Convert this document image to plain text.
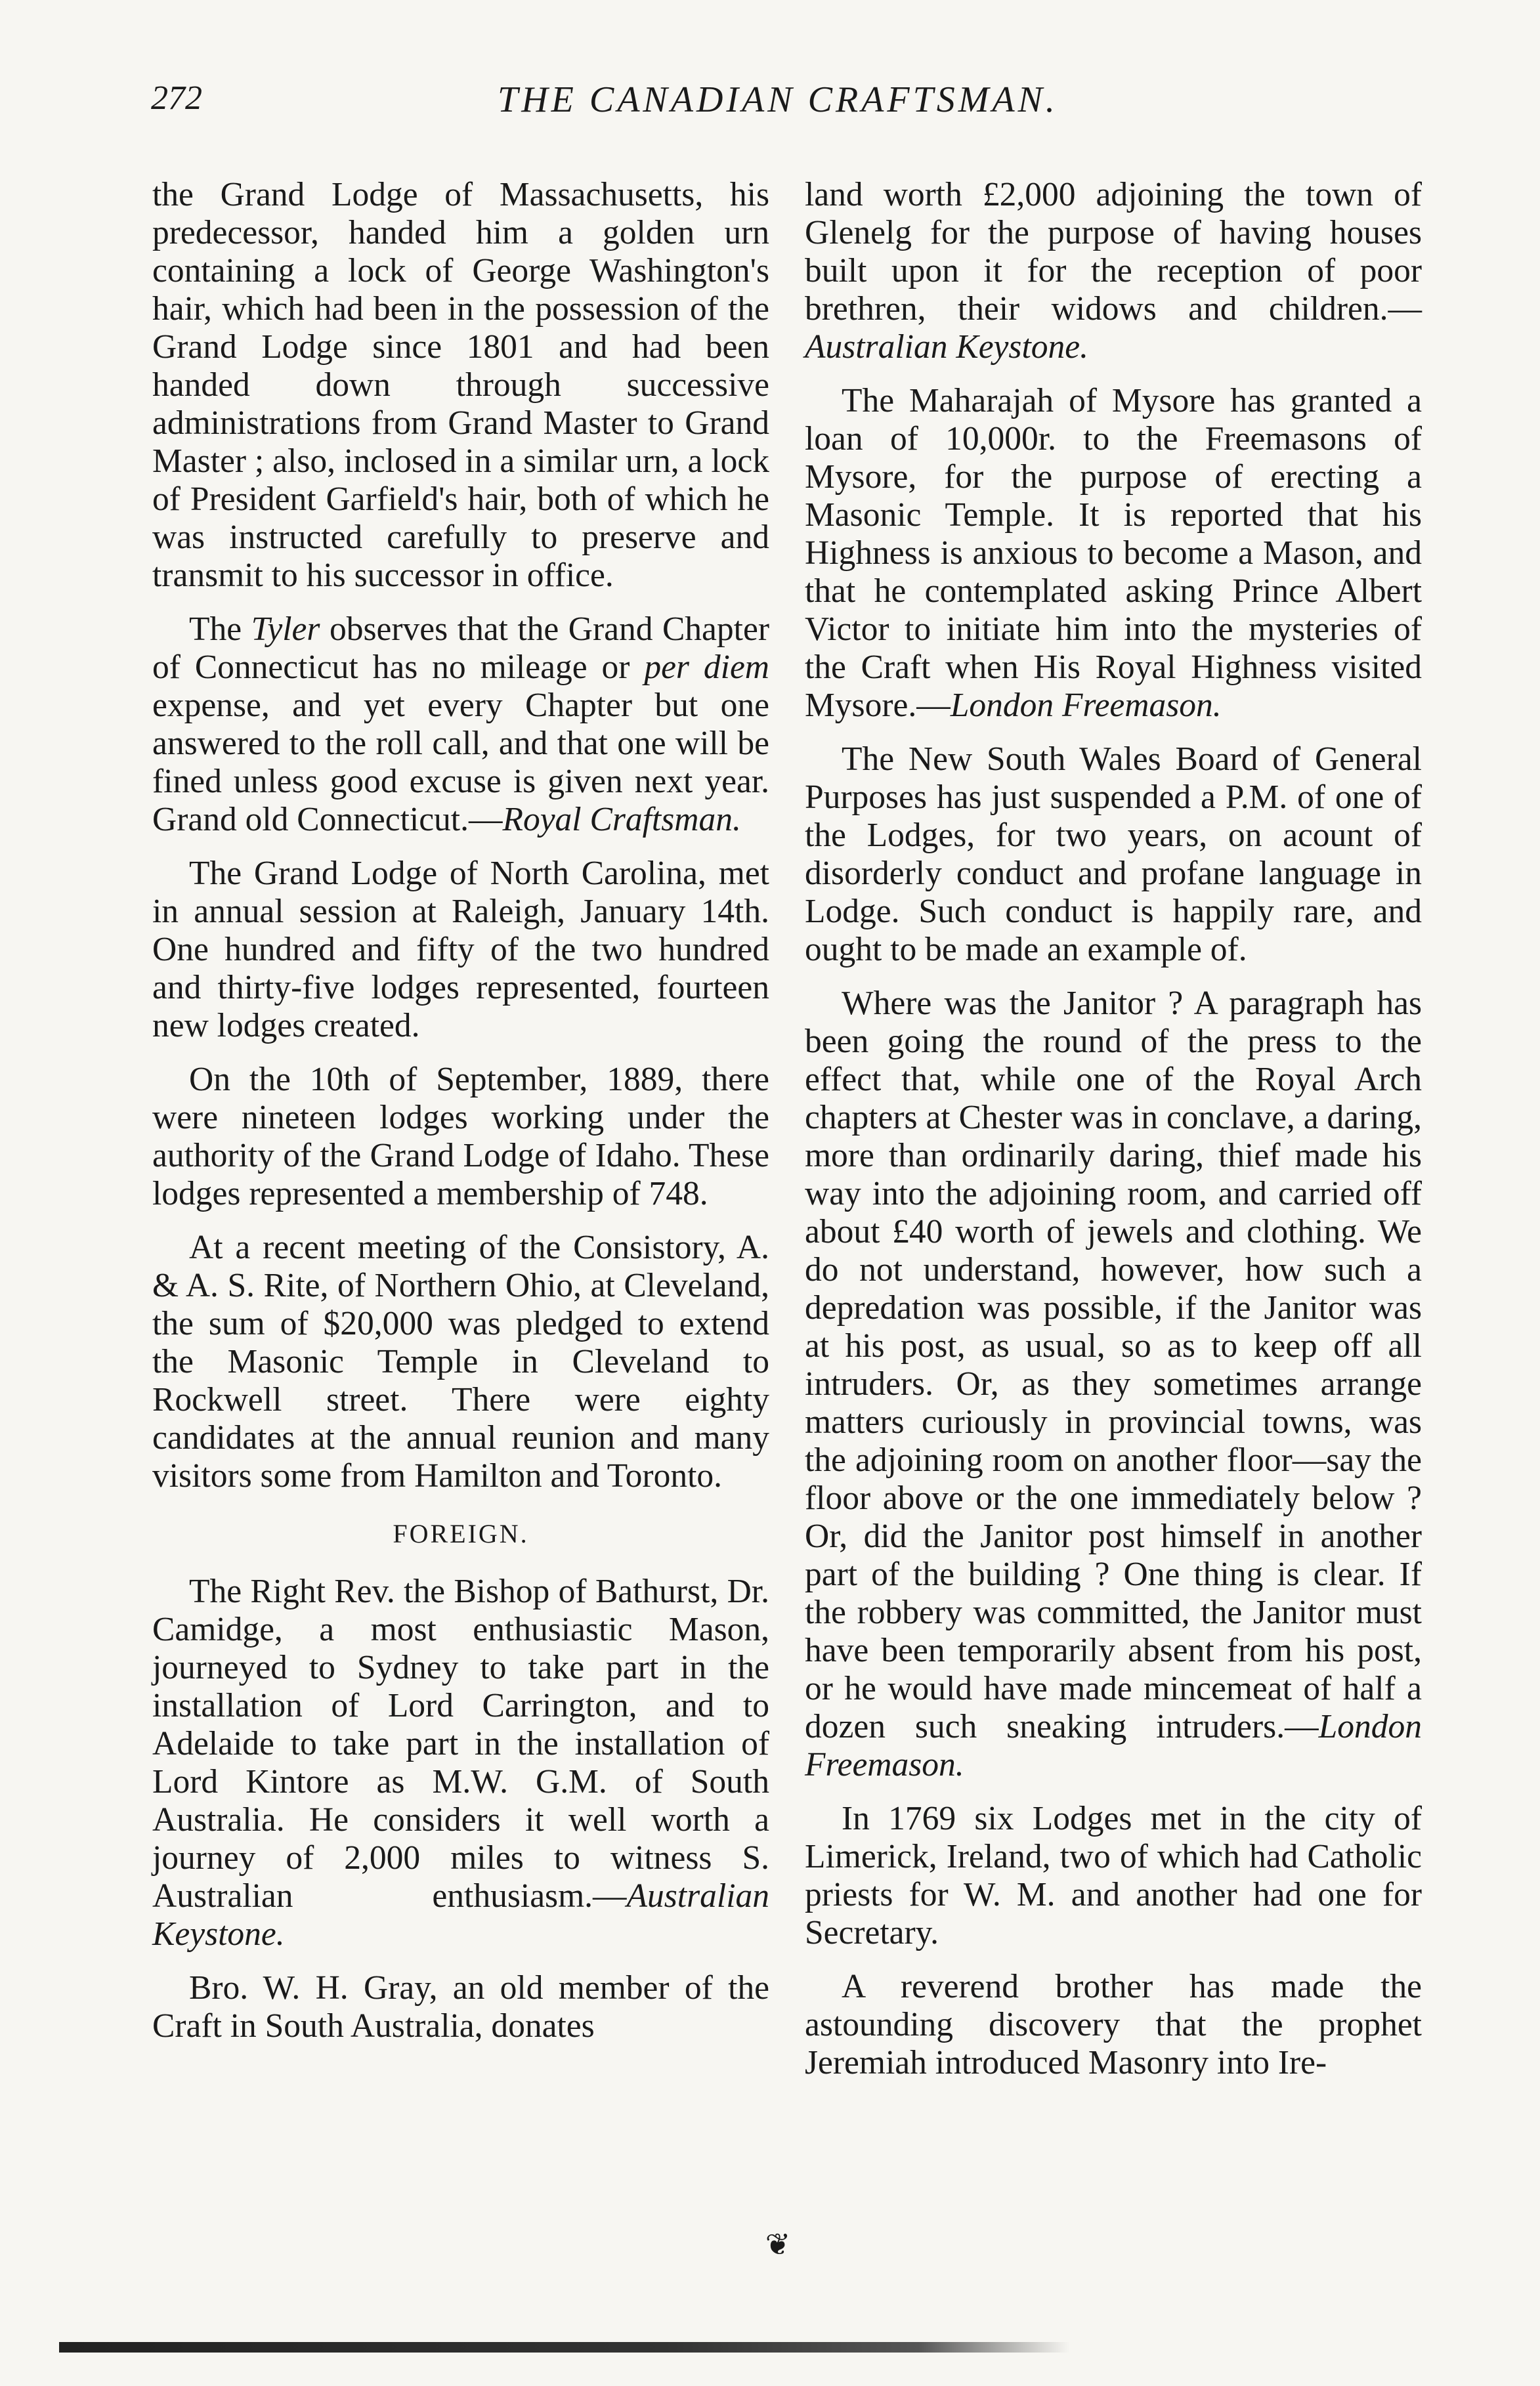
272	THE CANADIAN CRAFTSMAN.

the Grand Lodge of Massachusetts, his predecessor, handed him a golden urn containing a lock of George Washington's hair, which had been in the possession of the Grand Lodge since 1801 and had been handed down through successive administrations from Grand Master to Grand Master ; also, inclosed in a similar urn, a lock of President Garfield's hair, both of which he was instructed carefully to preserve and transmit to his successor in office.

The Tyler observes that the Grand Chapter of Connecticut has no mileage or per diem expense, and yet every Chapter but one answered to the roll call, and that one will be fined unless good excuse is given next year. Grand old Connecticut.—Royal Craftsman.

The Grand Lodge of North Carolina, met in annual session at Raleigh, January 14th. One hundred and fifty of the two hundred and thirty-five lodges represented, fourteen new lodges created.

On the 10th of September, 1889, there were nineteen lodges working under the authority of the Grand Lodge of Idaho. These lodges represented a membership of 748.

At a recent meeting of the Consistory, A. & A. S. Rite, of Northern Ohio, at Cleveland, the sum of $20,000 was pledged to extend the Masonic Temple in Cleveland to Rockwell street. There were eighty candidates at the annual reunion and many visitors some from Hamilton and Toronto.

FOREIGN.

The Right Rev. the Bishop of Bathurst, Dr. Camidge, a most enthusiastic Mason, journeyed to Sydney to take part in the installation of Lord Carrington, and to Adelaide to take part in the installation of Lord Kintore as M.W. G.M. of South Australia. He considers it well worth a journey of 2,000 miles to witness S. Australian enthusiasm.—Australian Keystone.

Bro. W. H. Gray, an old member of the Craft in South Australia, donates

land worth £2,000 adjoining the town of Glenelg for the purpose of having houses built upon it for the reception of poor brethren, their widows and children.—Australian Keystone.

The Maharajah of Mysore has granted a loan of 10,000r. to the Freemasons of Mysore, for the purpose of erecting a Masonic Temple. It is reported that his Highness is anxious to become a Mason, and that he contemplated asking Prince Albert Victor to initiate him into the mysteries of the Craft when His Royal Highness visited Mysore.—London Freemason.

The New South Wales Board of General Purposes has just suspended a P.M. of one of the Lodges, for two years, on acount of disorderly conduct and profane language in Lodge. Such conduct is happily rare, and ought to be made an example of.

Where was the Janitor ? A paragraph has been going the round of the press to the effect that, while one of the Royal Arch chapters at Chester was in conclave, a daring, more than ordinarily daring, thief made his way into the adjoining room, and carried off about £40 worth of jewels and clothing. We do not understand, however, how such a depredation was possible, if the Janitor was at his post, as usual, so as to keep off all intruders. Or, as they sometimes arrange matters curiously in provincial towns, was the adjoining room on another floor—say the floor above or the one immediately below ? Or, did the Janitor post himself in another part of the building ? One thing is clear. If the robbery was committed, the Janitor must have been temporarily absent from his post, or he would have made mincemeat of half a dozen such sneaking intruders.—London Freemason.

In 1769 six Lodges met in the city of Limerick, Ireland, two of which had Catholic priests for W. M. and another had one for Secretary.

A reverend brother has made the astounding discovery that the prophet Jeremiah introduced Masonry into Ire-

❦
